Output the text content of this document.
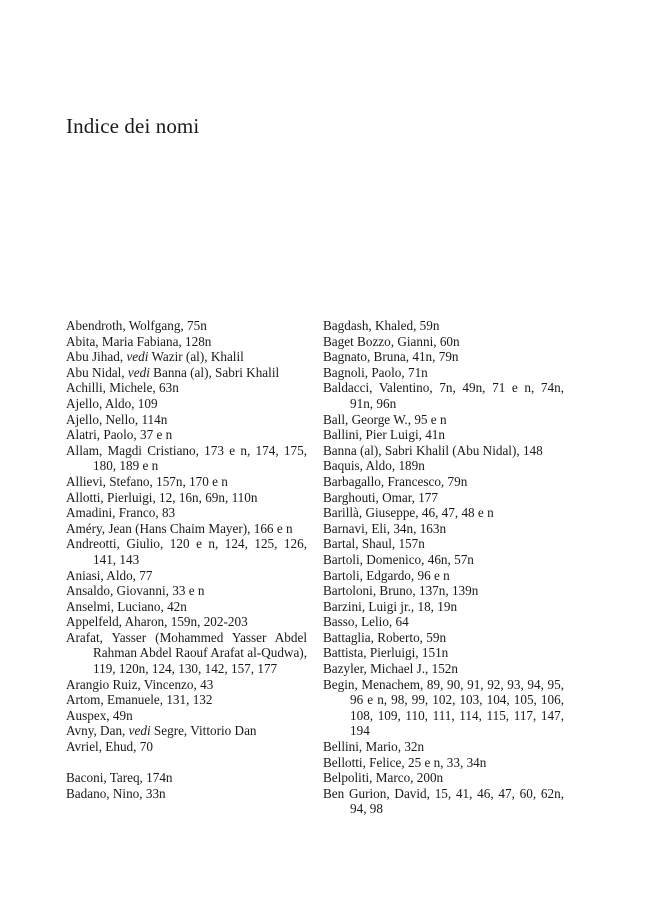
Indice dei nomi

Abendroth, Wolfgang, 75n

Abita, Maria Fabiana, 128n

Abu Jihad, vedi Wazir (al), Khalil

Abu Nidal, vedi Banna (al), Sabri Khalil

Achilli, Michele, 63n

Ajello, Aldo, 109

Ajello, Nello, 114n

Alatri, Paolo, 37 e n

Allam, Magdi Cristiano, 173 e n, 174, 175, 180, 189 e n

Allievi, Stefano, 157n, 170 e n

Allotti, Pierluigi, 12, 16n, 69n, 110n

Amadini, Franco, 83

Améry, Jean (Hans Chaim Mayer), 166 e n

Andreotti, Giulio, 120 e n, 124, 125, 126, 141, 143

Aniasi, Aldo, 77

Ansaldo, Giovanni, 33 e n

Anselmi, Luciano, 42n

Appelfeld, Aharon, 159n, 202-203

Arafat, Yasser (Mohammed Yasser Abdel Rahman Abdel Raouf Arafat al-Qudwa), 119, 120n, 124, 130, 142, 157, 177

Arangio Ruiz, Vincenzo, 43

Artom, Emanuele, 131, 132

Auspex, 49n

Avny, Dan, vedi Segre, Vittorio Dan

Avriel, Ehud, 70

Baconi, Tareq, 174n

Badano, Nino, 33n

Bagdash, Khaled, 59n

Baget Bozzo, Gianni, 60n

Bagnato, Bruna, 41n, 79n

Bagnoli, Paolo, 71n

Baldacci, Valentino, 7n, 49n, 71 e n, 74n, 91n, 96n

Ball, George W., 95 e n

Ballini, Pier Luigi, 41n

Banna (al), Sabri Khalil (Abu Nidal), 148

Baquis, Aldo, 189n

Barbagallo, Francesco, 79n

Barghouti, Omar, 177

Barillà, Giuseppe, 46, 47, 48 e n

Barnavi, Eli, 34n, 163n

Bartal, Shaul, 157n

Bartoli, Domenico, 46n, 57n

Bartoli, Edgardo, 96 e n

Bartoloni, Bruno, 137n, 139n

Barzini, Luigi jr., 18, 19n

Basso, Lelio, 64

Battaglia, Roberto, 59n

Battista, Pierluigi, 151n

Bazyler, Michael J., 152n

Begin, Menachem, 89, 90, 91, 92, 93, 94, 95, 96 e n, 98, 99, 102, 103, 104, 105, 106, 108, 109, 110, 111, 114, 115, 117, 147, 194

Bellini, Mario, 32n

Bellotti, Felice, 25 e n, 33, 34n

Belpoliti, Marco, 200n

Ben Gurion, David, 15, 41, 46, 47, 60, 62n, 94, 98
